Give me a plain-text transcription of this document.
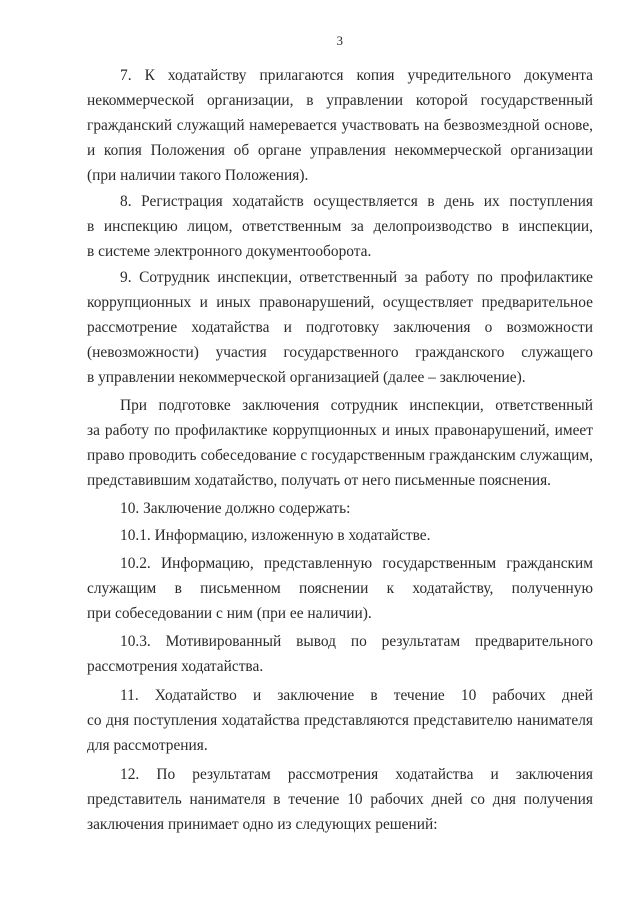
3
7. К ходатайству прилагаются копия учредительного документа
некоммерческой организации, в управлении которой государственный
гражданский служащий намеревается участвовать на безвозмездной основе,
и копия Положения об органе управления некоммерческой организации
(при наличии такого Положения).
8. Регистрация ходатайств осуществляется в день их поступления
в инспекцию лицом, ответственным за делопроизводство в инспекции,
в системе электронного документооборота.
9. Сотрудник инспекции, ответственный за работу по профилактике
коррупционных и иных правонарушений, осуществляет предварительное
рассмотрение ходатайства и подготовку заключения о возможности
(невозможности) участия государственного гражданского служащего
в управлении некоммерческой организацией (далее – заключение).
При подготовке заключения сотрудник инспекции, ответственный
за работу по профилактике коррупционных и иных правонарушений, имеет
право проводить собеседование с государственным гражданским служащим,
представившим ходатайство, получать от него письменные пояснения.
10. Заключение должно содержать:
10.1. Информацию, изложенную в ходатайстве.
10.2. Информацию, представленную государственным гражданским
служащим в письменном пояснении к ходатайству, полученную
при собеседовании с ним (при ее наличии).
10.3. Мотивированный вывод по результатам предварительного
рассмотрения ходатайства.
11. Ходатайство и заключение в течение 10 рабочих дней
со дня поступления ходатайства представляются представителю нанимателя
для рассмотрения.
12. По результатам рассмотрения ходатайства и заключения
представитель нанимателя в течение 10 рабочих дней со дня получения
заключения принимает одно из следующих решений:
